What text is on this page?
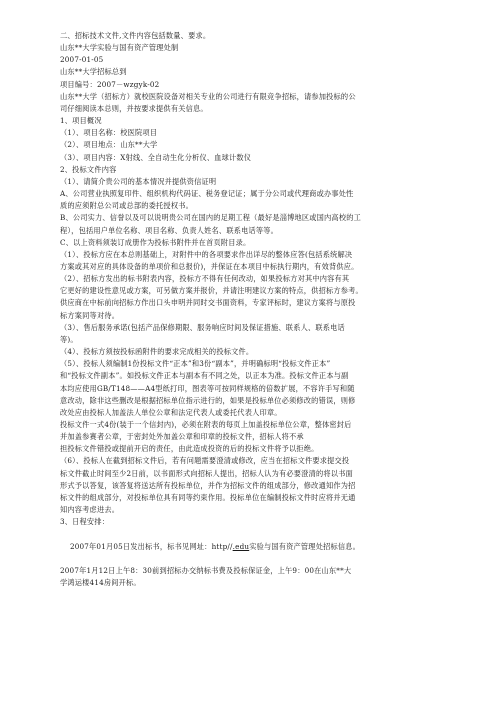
二、招标技术文件,文件内容包括数量、要求。
山东**大学实验与国有资产管理处制
2007-01-05
山东**大学招标总到
项目编号：2007－wzgyk-02
山东**大学（招标方）就校医院设备对相关专业的公司进行有限竞争招标，请参加投标的公
司仔细阅读本总则，并按要求提供有关信息。
1、项目概况
（1）、项目名称：校医院项目
（2）、项目地点：山东**大学
（3）、项目内容：X射线、全自动生化分析仪、血球计数仪
2、投标文件内容
（1）、请简介贵公司的基本情况并提供资信证明
A、公司营业执照复印件、组织机构代码证、税务登记证；属于分公司或代理商或办事处性
质的应须附总公司或总部的委托授权书。
B、公司实力、信誉以及可以说明贵公司在国内的足期工程（最好是淄博地区或国内高校的工
程），包括用户单位名称、项目名称、负责人姓名、联系电话等等。
C、以上资料须装订成册作为投标书附件并在首页附目录。
（1）、投标方应在本总则基础上，对附件中的各项要求作出详尽的整体应答(包括系统解决
方案或其对应的具体设备的单项价和总报价)，并保证在本项目中标执行期内，有效背供应。
（2）、招标方发出的标书附表内容，投标方不得有任何改动，如果投标方对其中内容有其
它更好的建设性意见或方案，可另做方案并报价，并请注明建议方案的特点，供招标方参考。
供应商在中标前向招标方作出口头申明并同时交书面资料，专家评标时，建议方案将与原投
标方案同等对待。
（3）、售后服务承诺(包括产品保修期限、服务响应时间及保证措施、联系人、联系电话
等)。
（4）、投标方须按投标函附件的要求完成相关的投标文件。
（5）、投标人须编制1份投标文件“正本”和3份“副本”，并明确标明“投标文件正本”
和“投标文件副本”。如投标文件正本与副本有不同之处，以正本为准。投标文件正本与副
本均应使用GB/T148——A4型纸打印，图表等可按同样规格的倍数扩展，不容许手写和随
意改动，除非这些删改是根据招标单位指示进行的，如果是投标单位必须修改的错误，则修
改处应由投标人加盖法人单位公章和法定代表人或委托代表人印章。
投标文件一式4份(装于一个信封内)，必须在附表的每页上加盖投标单位公章，整体密封后
并加盖参赛者公章，于密封处外加盖公章和印章的投标文件，招标人将不承
担投标文件错投或提前开启的责任，由此造成投资的后的投标文件将予以拒绝。
（6）、投标人在截到招标文件后，若有问题需要澄清或修改，应当在招标文件要求提交投
标文件截止时间至少2日前，以书面形式向招标人提出，招标人认为有必要澄清的将以书面
形式予以答复，该答复将送达所有投标单位，并作为招标文件的组成部分，修改通知作为招
标文件的组成部分，对投标单位具有同等约束作用。投标单位在编制投标文件时应将并无通
知内容考虑进去。
3、日程安排：

2007年01月05日发出标书，标书见网址：http//.edu实验与国有资产管理处招标信息。

2007年1月12日上午8：30前到招标办交纳标书费及投标保证金，上午9：00在山东**大
学鸿运楼414房间开标。
